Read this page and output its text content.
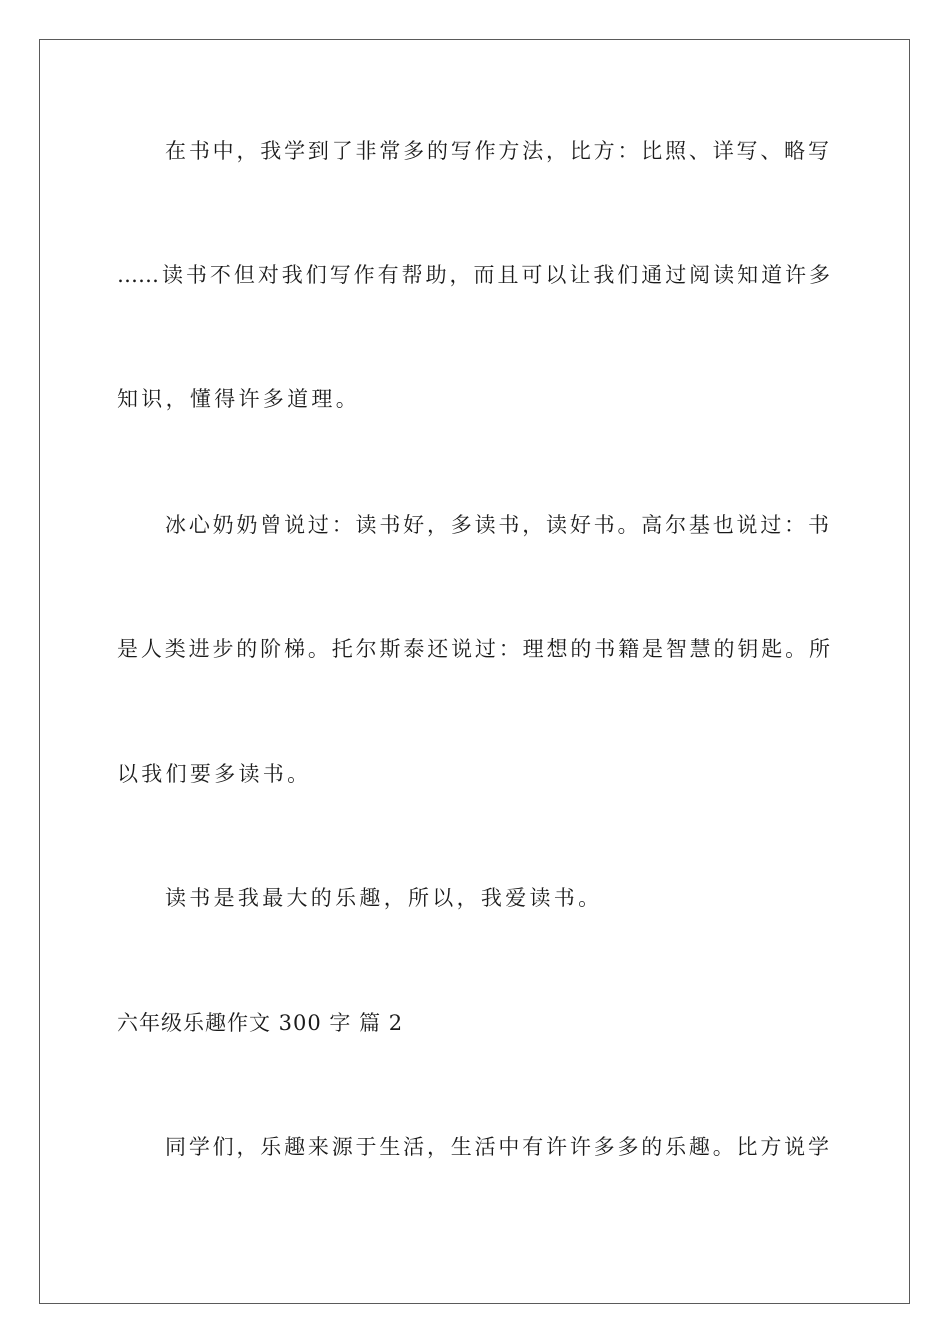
在书中，我学到了非常多的写作方法，比方：比照、详写、略写
……读书不但对我们写作有帮助，而且可以让我们通过阅读知道许多
知识，懂得许多道理。
冰心奶奶曾说过：读书好，多读书，读好书。高尔基也说过：书
是人类进步的阶梯。托尔斯泰还说过：理想的书籍是智慧的钥匙。所
以我们要多读书。
读书是我最大的乐趣，所以，我爱读书。
六年级乐趣作文 300 字 篇 2
同学们，乐趣来源于生活，生活中有许许多多的乐趣。比方说学
